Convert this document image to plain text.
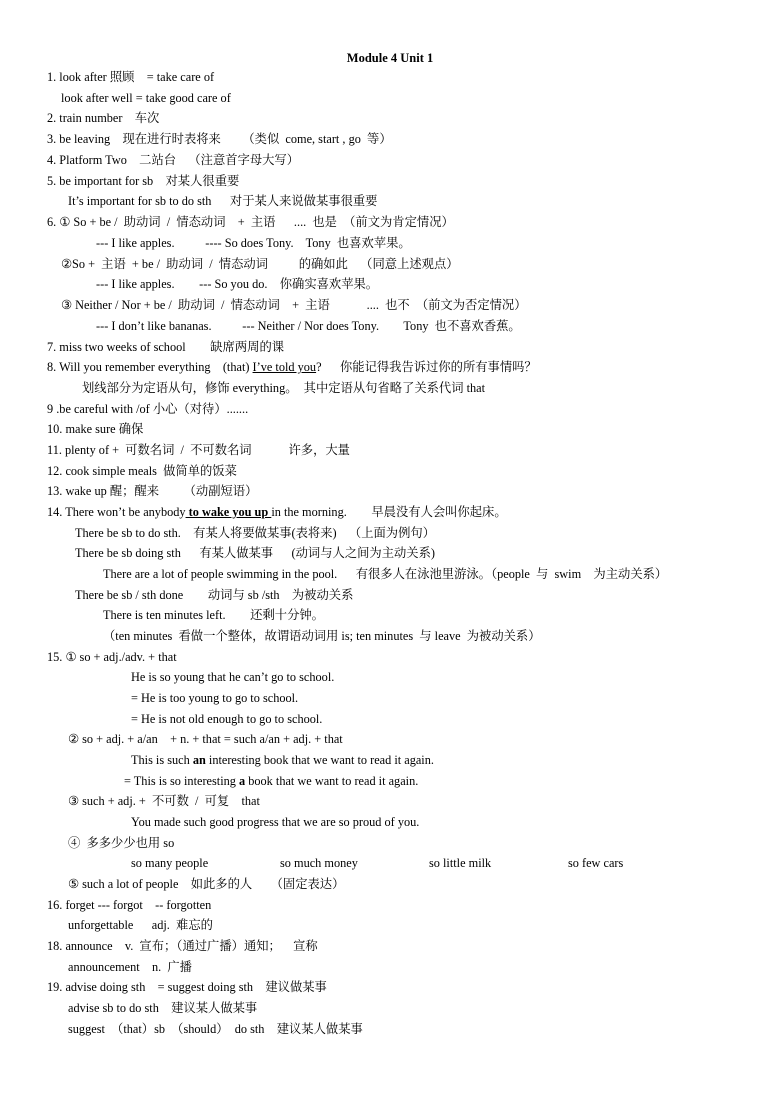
Module 4 Unit 1
1. look after 照顾    = take care of
look after well = take good care of
2. train number    车次
3. be leaving    现在进行时表将来       （类似  come, start , go  等）
4. Platform Two    二站台    （注意首字母大写）
5. be important for sb    对某人很重要
It’s important for sb to do sth      对于某人来说做某事很重要
6. ① So + be /  助动词  /  情态动词    +  主语      ....  也是  （前文为肯定情况）
--- I like apples.          ---- So does Tony.    Tony  也喜欢苹果。
②So +  主语  + be /  助动词  /  情态动词          的确如此    （同意上述观点）
--- I like apples.        --- So you do.    你确实喜欢苹果。
③ Neither / Nor + be /  助动词  /  情态动词    +  主语            ....  也不  （前文为否定情况）
--- I don’t like bananas.          --- Neither / Nor does Tony.        Tony  也不喜欢香蕉。
7. miss two weeks of school        缺席两周的课
8. Will you remember everything    (that) I’ve told you?      你能记得我告诉过你的所有事情吗？
划线部分为定语从句，修饰 everything。  其中定语从句省略了关系代词 that
9 .be careful with /of 小心（对待）.......
10. make sure 确保
11. plenty of +  可数名词  /  不可数名词            许多，大量
12. cook simple meals  做简单的饭菜
13. wake up 醒；醒来        （动副短语）
14. There won’t be anybody to wake you up in the morning.        早晨没有人会叫你起床。
There be sb to do sth.    有某人将要做某事(表将来)    （上面为例句）
There be sb doing sth      有某人做某事      (动词与人之间为主动关系)
There are a lot of people swimming in the pool.      有很多人在泳池里游泳。（people  与  swim    为主动关系）
There be sb / sth done        动词与 sb /sth    为被动关系
There is ten minutes left.        还剩十分钟。
（ten minutes  看做一个整体，故谓语动词用 is; ten minutes  与 leave  为被动关系）
15. ① so + adj./adv. + that
He is so young that he can’t go to school.
= He is too young to go to school.
= He is not old enough to go to school.
② so + adj. + a/an    + n. + that = such a/an + adj. + that
This is such an interesting book that we want to read it again.
= This is so interesting a book that we want to read it again.
③ such + adj. +  不可数  /  可复    that
You made such good progress that we are so proud of you.
④  多多少少也用 so
so many people	so much money	so little milk	so few cars
⑤ such a lot of people    如此多的人      （固定表达）
16. forget --- forgot    -- forgotten
unforgettable      adj.  难忘的
18. announce    v.  宣布；（通过广播）通知；    宣称
announcement    n.  广播
19. advise doing sth    = suggest doing sth    建议做某事
advise sb to do sth    建议某人做某事
suggest  （that）sb  （should）  do sth    建议某人做某事
